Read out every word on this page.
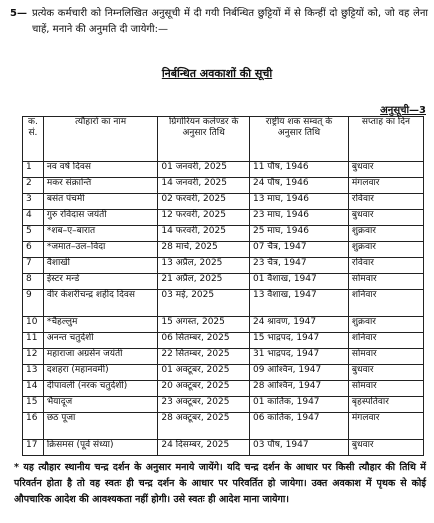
5— प्रत्येक कर्मचारी को निम्नलिखित अनुसूची में दी गयी निर्बन्धित छुट्टियों में से किन्हीं दो छुट्टियों को, जो वह लेना चाहें, मनाने की अनुमति दी जायेगी:—
निर्बन्धित अवकाशों की सूची
अनुसूची—3
क. सं.	त्यौहारों का नाम	ग्रिगोरियन कलेण्डर के अनुसार तिथि	राष्ट्रीय शक सम्वत् के अनुसार तिथि	सप्ताह का दिन
1	नव वर्ष दिवस	01 जनवरी, 2025	11 पौष, 1946	बुधवार
2	मकर संक्रान्ति	14 जनवरी, 2025	24 पौष, 1946	मंगलवार
3	बसंत पंचमी	02 फरवरी, 2025	13 माघ, 1946	रविवार
4	गुरु रविदास जयंती	12 फरवरी, 2025	23 माघ, 1946	बुधवार
5	*शब–ए–बारात	14 फरवरी, 2025	25 माघ, 1946	शुक्रवार
6	*जमात–उल–विदा	28 मार्च, 2025	07 चैत्र, 1947	शुक्रवार
7	वैशाखी	13 अप्रैल, 2025	23 चैत्र, 1947	रविवार
8	ईस्टर मन्डे	21 अप्रैल, 2025	01 वैशाख, 1947	सोमवार
9	वीर केशरीचन्द्र शहीद दिवस	03 मई, 2025	13 वैशाख, 1947	शनिवार
10	*चैहल्लुम	15 अगस्त, 2025	24 श्रावण, 1947	शुक्रवार
11	अनन्त चतुर्दशी	06 सितम्बर, 2025	15 भाद्रपद, 1947	शनिवार
12	महाराजा अग्रसेन जयंती	22 सितम्बर, 2025	31 भाद्रपद, 1947	सोमवार
13	दशहरा (महानवमी)	01 अक्टूबर, 2025	09 आश्विन, 1947	बुधवार
14	दीपावली (नरक चतुर्दशी)	20 अक्टूबर, 2025	28 आश्विन, 1947	सोमवार
15	भैयादूज	23 अक्टूबर, 2025	01 कार्तिक, 1947	बृहस्पतिवार
16	छठ पूजा	28 अक्टूबर, 2025	06 कार्तिक, 1947	मंगलवार
17	क्रिसमस (पूर्व संध्या)	24 दिसम्बर, 2025	03 पौष, 1947	बुधवार
* यह त्यौहार स्थानीय चन्द्र दर्शन के अनुसार मनाये जायेंगे। यदि चन्द्र दर्शन के आधार पर किसी त्यौहार की तिथि में परिवर्तन होता है तो वह स्वतः ही चन्द्र दर्शन के आधार पर परिवर्तित हो जायेगा। उक्त अवकाश में पृथक से कोई औपचारिक आदेश की आवश्यकता नहीं होगी। उसे स्वतः ही आदेश माना जायेगा।
